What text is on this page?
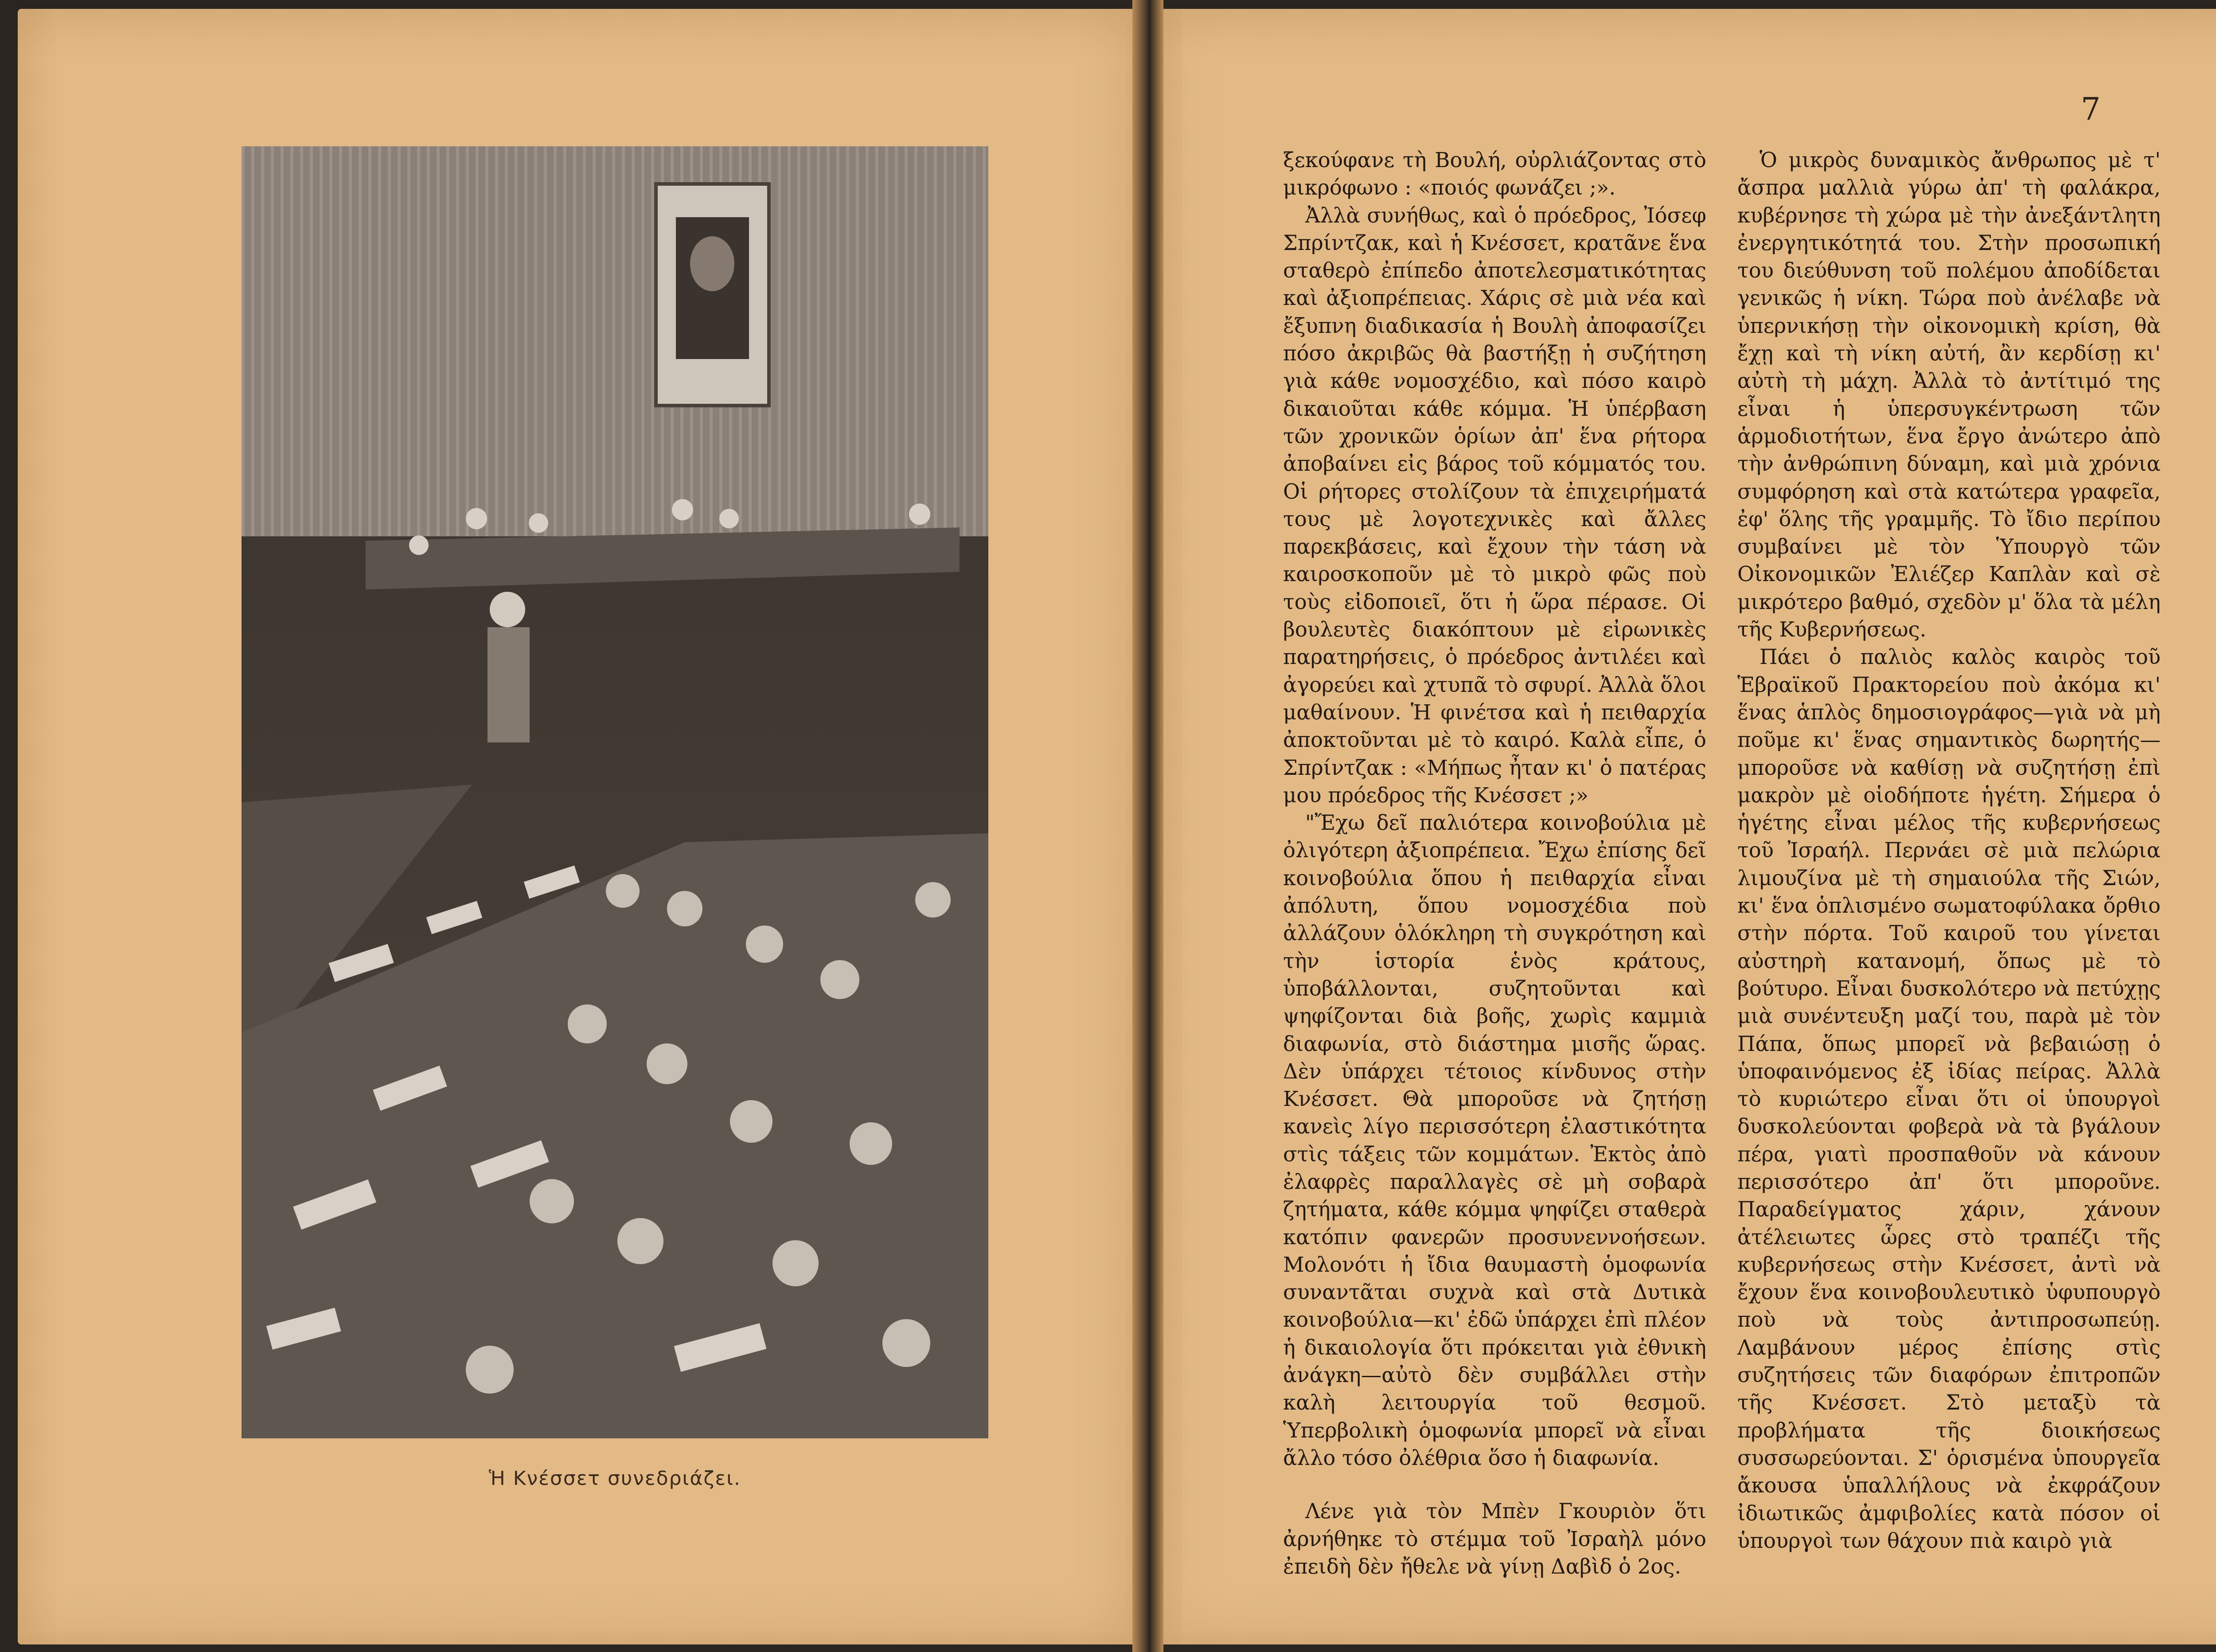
Ἡ Κνέσσετ συνεδριάζει.
7

ξεκούφανε τὴ Βουλή, οὐρλιάζοντας στὸ μικρόφωνο : «ποιός φωνάζει ;».

Ἀλλὰ συνήθως, καὶ ὁ πρόεδρος, Ἰόσεφ Σπρίντζακ, καὶ ἡ Κνέσσετ, κρατᾶνε ἕνα σταθερὸ ἐπίπεδο ἀποτελεσματικότητας καὶ ἀξιοπρέπειας. Χάρις σὲ μιὰ νέα καὶ ἔξυπνη διαδικασία ἡ Βουλὴ ἀποφασίζει πόσο ἀκριβῶς θὰ βαστήξῃ ἡ συζήτηση γιὰ κάθε νομοσχέδιο, καὶ πόσο καιρὸ δικαιοῦται κάθε κόμμα. Ἡ ὑπέρβαση τῶν χρονικῶν ὁρίων ἀπ' ἕνα ρήτορα ἀποβαίνει εἰς βάρος τοῦ κόμματός του. Οἱ ρήτορες στολίζουν τὰ ἐπιχειρήματά τους μὲ λογοτεχνικὲς καὶ ἄλλες παρεκβάσεις, καὶ ἔχουν τὴν τάση νὰ καιροσκοποῦν μὲ τὸ μικρὸ φῶς ποὺ τοὺς εἰδοποιεῖ, ὅτι ἡ ὥρα πέρασε. Οἱ βουλευτὲς διακόπτουν μὲ εἰρωνικὲς παρατηρήσεις, ὁ πρόεδρος ἀντιλέει καὶ ἀγορεύει καὶ χτυπᾶ τὸ σφυρί. Ἀλλὰ ὅλοι μαθαίνουν. Ἡ φινέτσα καὶ ἡ πειθαρχία ἀποκτοῦνται μὲ τὸ καιρό. Καλὰ εἶπε, ὁ Σπρίντζακ : «Μήπως ἦταν κι' ὁ πατέρας μου πρόεδρος τῆς Κνέσσετ ;»

"Ἔχω δεῖ παλιότερα κοινοβούλια μὲ ὀλιγότερη ἀξιοπρέπεια. Ἔχω ἐπίσης δεῖ κοινοβούλια ὅπου ἡ πειθαρχία εἶναι ἀπόλυτη, ὅπου νομοσχέδια ποὺ ἀλλάζουν ὁλόκληρη τὴ συγκρότηση καὶ τὴν ἱστορία ἑνὸς κράτους, ὑποβάλλονται, συζητοῦνται καὶ ψηφίζονται διὰ βοῆς, χωρὶς καμμιὰ διαφωνία, στὸ διάστημα μισῆς ὥρας. Δὲν ὑπάρχει τέτοιος κίνδυνος στὴν Κνέσσετ. Θὰ μποροῦσε νὰ ζητήσῃ κανεὶς λίγο περισσότερη ἐλαστικότητα στὶς τάξεις τῶν κομμάτων. Ἐκτὸς ἀπὸ ἐλαφρὲς παραλλαγὲς σὲ μὴ σοβαρὰ ζητήματα, κάθε κόμμα ψηφίζει σταθερὰ κατόπιν φανερῶν προσυνεννοήσεων. Μολονότι ἡ ἴδια θαυμαστὴ ὁμοφωνία συναντᾶται συχνὰ καὶ στὰ Δυτικὰ κοινοβούλια—κι' ἐδῶ ὑπάρχει ἐπὶ πλέον ἡ δικαιολογία ὅτι πρόκειται γιὰ ἐθνικὴ ἀνάγκη—αὐτὸ δὲν συμβάλλει στὴν καλὴ λειτουργία τοῦ θεσμοῦ. Ὑπερβολικὴ ὁμοφωνία μπορεῖ νὰ εἶναι ἄλλο τόσο ὀλέθρια ὅσο ἡ διαφωνία.

Λένε γιὰ τὸν Μπὲν Γκουριὸν ὅτι ἀρνήθηκε τὸ στέμμα τοῦ Ἰσραὴλ μόνο ἐπειδὴ δὲν ἤθελε νὰ γίνῃ Δαβὶδ ὁ 2ος.

Ὁ μικρὸς δυναμικὸς ἄνθρωπος μὲ τ' ἄσπρα μαλλιὰ γύρω ἀπ' τὴ φαλάκρα, κυβέρνησε τὴ χώρα μὲ τὴν ἀνεξάντλητη ἐνεργητικότητά του. Στὴν προσωπική του διεύθυνση τοῦ πολέμου ἀποδίδεται γενικῶς ἡ νίκη. Τώρα ποὺ ἀνέλαβε νὰ ὑπερνικήσῃ τὴν οἰκονομικὴ κρίση, θὰ ἔχῃ καὶ τὴ νίκη αὐτή, ἂν κερδίσῃ κι' αὐτὴ τὴ μάχη. Ἀλλὰ τὸ ἀντίτιμό της εἶναι ἡ ὑπερσυγκέντρωση τῶν ἁρμοδιοτήτων, ἕνα ἔργο ἀνώτερο ἀπὸ τὴν ἀνθρώπινη δύναμη, καὶ μιὰ χρόνια συμφόρηση καὶ στὰ κατώτερα γραφεῖα, ἐφ' ὅλης τῆς γραμμῆς. Τὸ ἴδιο περίπου συμβαίνει μὲ τὸν Ὑπουργὸ τῶν Οἰκονομικῶν Ἐλιέζερ Καπλὰν καὶ σὲ μικρότερο βαθμό, σχεδὸν μ' ὅλα τὰ μέλη τῆς Κυβερνήσεως.

Πάει ὁ παλιὸς καλὸς καιρὸς τοῦ Ἑβραϊκοῦ Πρακτορείου ποὺ ἀκόμα κι' ἕνας ἁπλὸς δημοσιογράφος—γιὰ νὰ μὴ ποῦμε κι' ἕνας σημαντικὸς δωρητής—μποροῦσε νὰ καθίσῃ νὰ συζητήσῃ ἐπὶ μακρὸν μὲ οἱοδήποτε ἡγέτη. Σήμερα ὁ ἡγέτης εἶναι μέλος τῆς κυβερνήσεως τοῦ Ἰσραήλ. Περνάει σὲ μιὰ πελώρια λιμουζίνα μὲ τὴ σημαιούλα τῆς Σιών, κι' ἕνα ὁπλισμένο σωματοφύλακα ὄρθιο στὴν πόρτα. Τοῦ καιροῦ του γίνεται αὐστηρὴ κατανομή, ὅπως μὲ τὸ βούτυρο. Εἶναι δυσκολότερο νὰ πετύχῃς μιὰ συνέντευξη μαζί του, παρὰ μὲ τὸν Πάπα, ὅπως μπορεῖ νὰ βεβαιώσῃ ὁ ὑποφαινόμενος ἐξ ἰδίας πείρας. Ἀλλὰ τὸ κυριώτερο εἶναι ὅτι οἱ ὑπουργοὶ δυσκολεύονται φοβερὰ νὰ τὰ βγάλουν πέρα, γιατὶ προσπαθοῦν νὰ κάνουν περισσότερο ἀπ' ὅτι μποροῦνε. Παραδείγματος χάριν, χάνουν ἀτέλειωτες ὧρες στὸ τραπέζι τῆς κυβερνήσεως στὴν Κνέσσετ, ἀντὶ νὰ ἔχουν ἕνα κοινοβουλευτικὸ ὑφυπουργὸ ποὺ νὰ τοὺς ἀντιπροσωπεύῃ. Λαμβάνουν μέρος ἐπίσης στὶς συζητήσεις τῶν διαφόρων ἐπιτροπῶν τῆς Κνέσσετ. Στὸ μεταξὺ τὰ προβλήματα τῆς διοικήσεως συσσωρεύονται. Σ' ὁρισμένα ὑπουργεῖα ἄκουσα ὑπαλλήλους νὰ ἐκφράζουν ἰδιωτικῶς ἀμφιβολίες κατὰ πόσον οἱ ὑπουργοὶ των θάχουν πιὰ καιρὸ γιὰ
